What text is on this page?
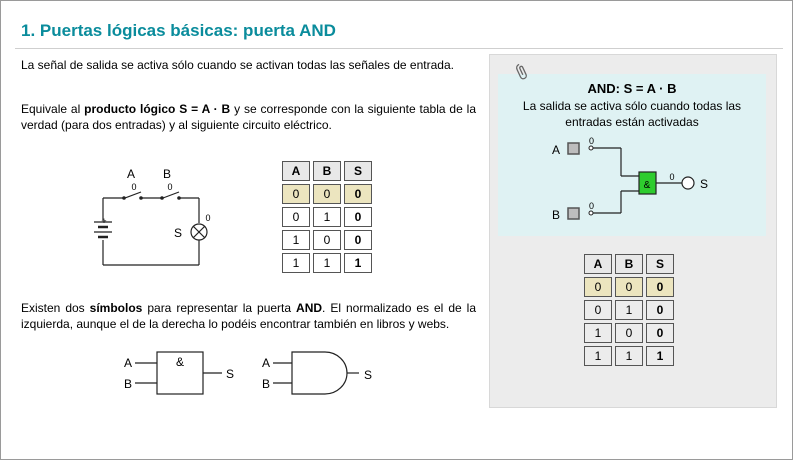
1. Puertas lógicas básicas: puerta AND

La señal de salida se activa sólo cuando se activan todas las señales de entrada.

Equivale al producto lógico S = A · B y se corresponde con la siguiente tabla de la verdad (para dos entradas) y al siguiente circuito eléctrico.

A B
0	0
+
S
0
A	B	S
0	0	0
0	1	0
1	0	0
1	1	1

Existen dos símbolos para representar la puerta AND. El normalizado es el de la izquierda, aunque el de la derecha lo podéis encontrar también en libros y webs.

&
A
B
S
A
B
S
AND: S = A · B
La salida se activa sólo cuando todas las entradas están activadas
&	S
0
A
0
B
0
A	B	S
0	0	0
0	1	0
1	0	0
1	1	1
